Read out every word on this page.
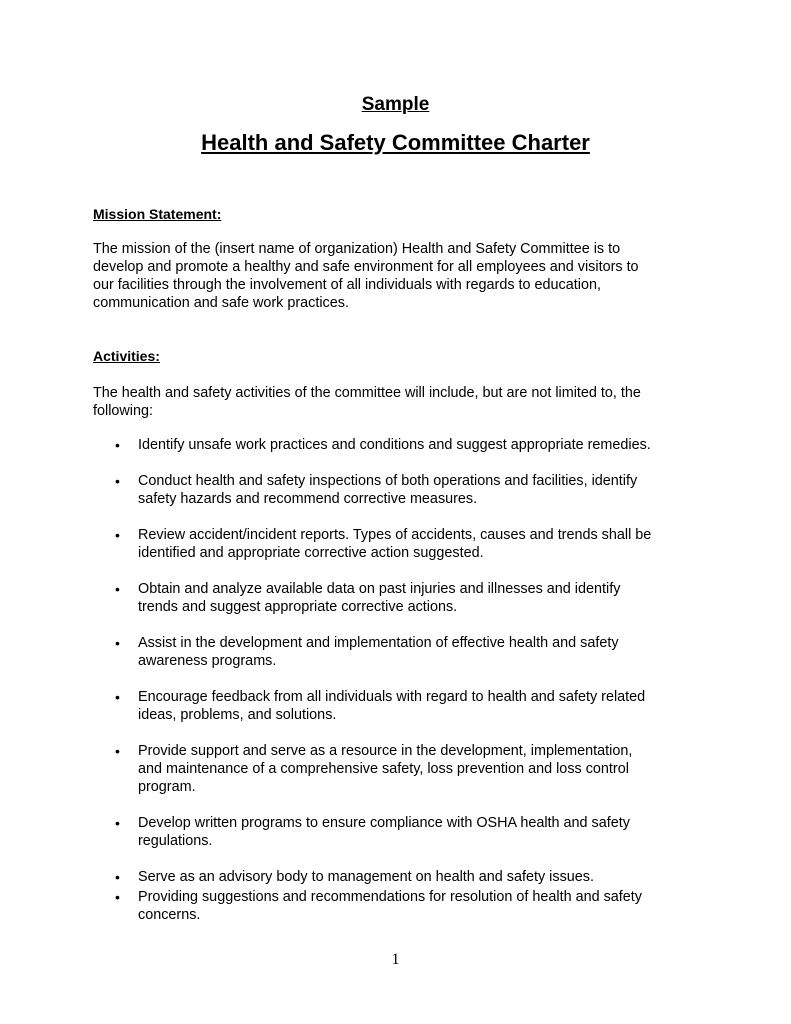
Sample
Health and Safety Committee Charter
Mission Statement:
The mission of the (insert name of organization) Health and Safety Committee is to
develop and promote a healthy and safe environment for all employees and visitors to
our facilities through the involvement of all individuals with regards to education,
communication and safe work practices.
Activities:
The health and safety activities of the committee will include, but are not limited to, the
following:
• Identify unsafe work practices and conditions and suggest appropriate remedies.
• Conduct health and safety inspections of both operations and facilities, identify
safety hazards and recommend corrective measures.
• Review accident/incident reports. Types of accidents, causes and trends shall be
identified and appropriate corrective action suggested.
• Obtain and analyze available data on past injuries and illnesses and identify
trends and suggest appropriate corrective actions.
• Assist in the development and implementation of effective health and safety
awareness programs.
• Encourage feedback from all individuals with regard to health and safety related
ideas, problems, and solutions.
• Provide support and serve as a resource in the development, implementation,
and maintenance of a comprehensive safety, loss prevention and loss control
program.
• Develop written programs to ensure compliance with OSHA health and safety
regulations.
• Serve as an advisory body to management on health and safety issues.
• Providing suggestions and recommendations for resolution of health and safety
concerns.
1
